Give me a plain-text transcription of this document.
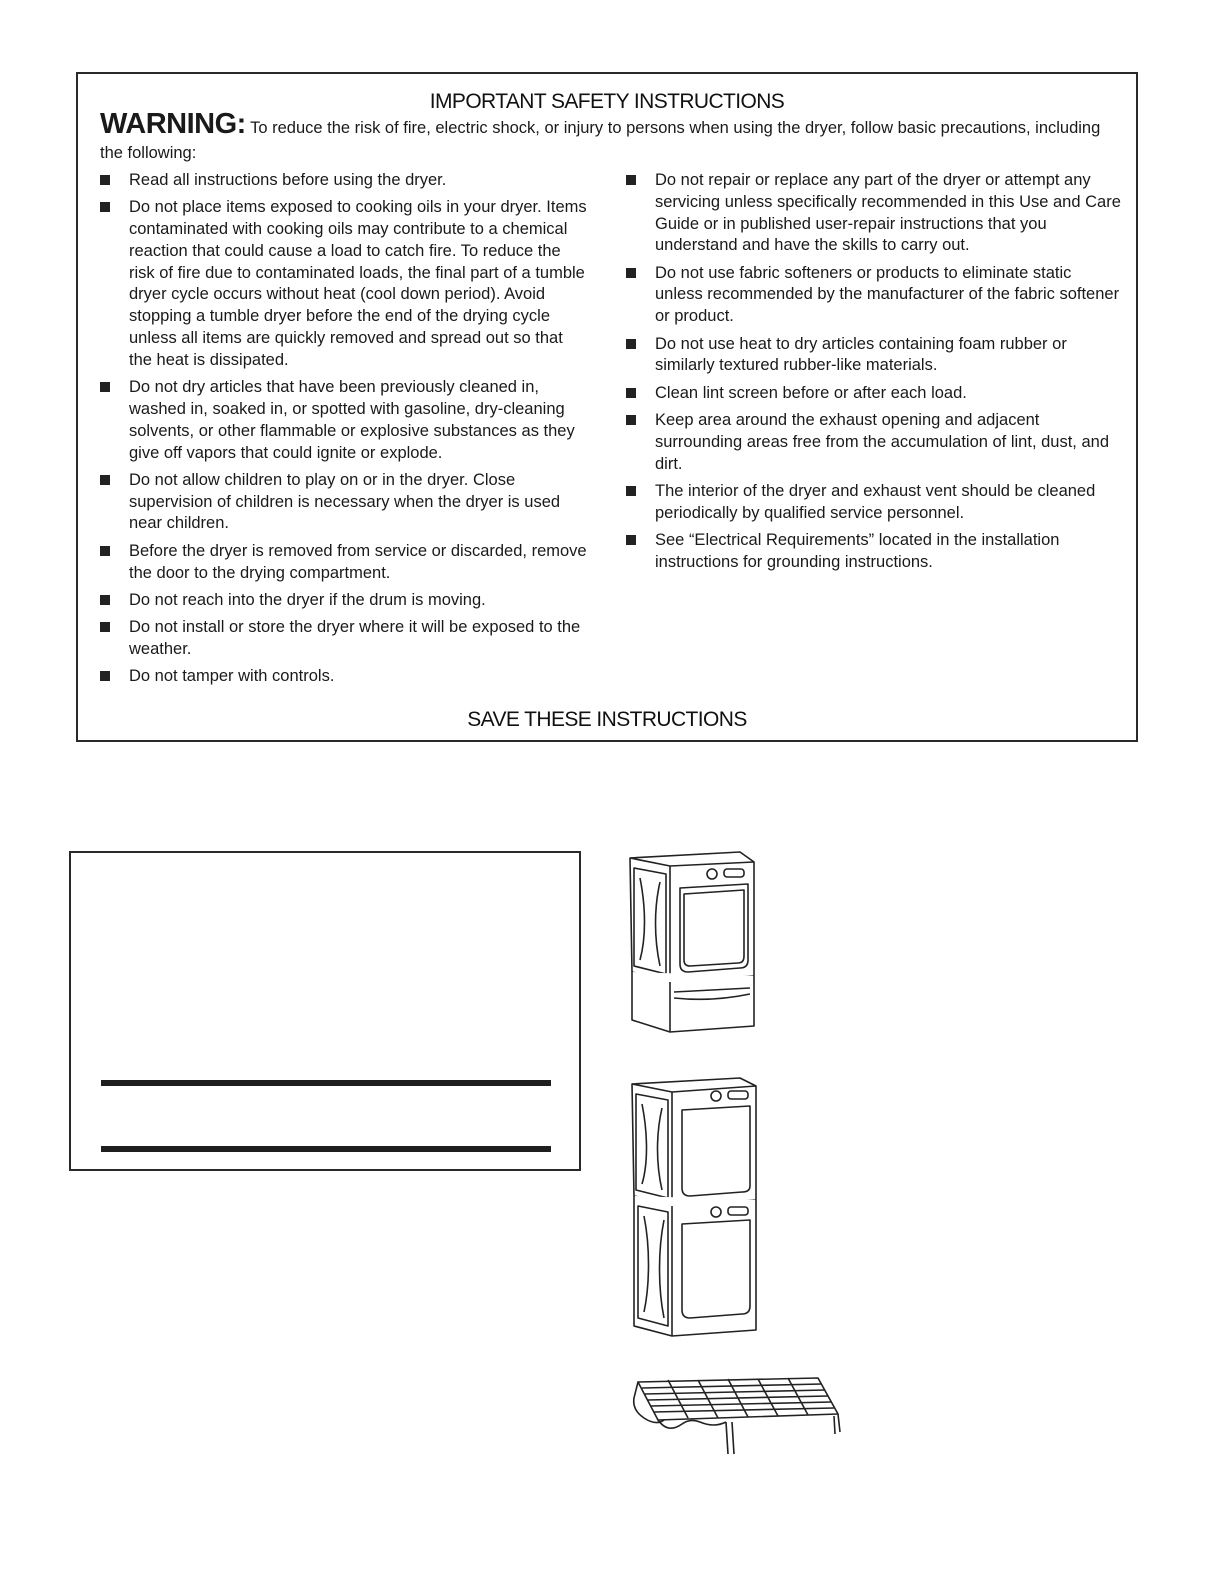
IMPORTANT SAFETY INSTRUCTIONS
WARNING: To reduce the risk of fire, electric shock, or injury to persons when using the dryer, follow basic precautions, including the following:
Read all instructions before using the dryer.
Do not place items exposed to cooking oils in your dryer. Items contaminated with cooking oils may contribute to a chemical reaction that could cause a load to catch fire. To reduce the risk of fire due to contaminated loads, the final part of a tumble dryer cycle occurs without heat (cool down period). Avoid stopping a tumble dryer before the end of the drying cycle unless all items are quickly removed and spread out so that the heat is dissipated.
Do not dry articles that have been previously cleaned in, washed in, soaked in, or spotted with gasoline, dry-cleaning solvents, or other flammable or explosive substances as they give off vapors that could ignite or explode.
Do not allow children to play on or in the dryer. Close supervision of children is necessary when the dryer is used near children.
Before the dryer is removed from service or discarded, remove the door to the drying compartment.
Do not reach into the dryer if the drum is moving.
Do not install or store the dryer where it will be exposed to the weather.
Do not tamper with controls.
Do not repair or replace any part of the dryer or attempt any servicing unless specifically recommended in this Use and Care Guide or in published user-repair instructions that you understand and have the skills to carry out.
Do not use fabric softeners or products to eliminate static unless recommended by the manufacturer of the fabric softener or product.
Do not use heat to dry articles containing foam rubber or similarly textured rubber-like materials.
Clean lint screen before or after each load.
Keep area around the exhaust opening and adjacent surrounding areas free from the accumulation of lint, dust, and dirt.
The interior of the dryer and exhaust vent should be cleaned periodically by qualified service personnel.
See “Electrical Requirements” located in the installation instructions for grounding instructions.
SAVE THESE INSTRUCTIONS
